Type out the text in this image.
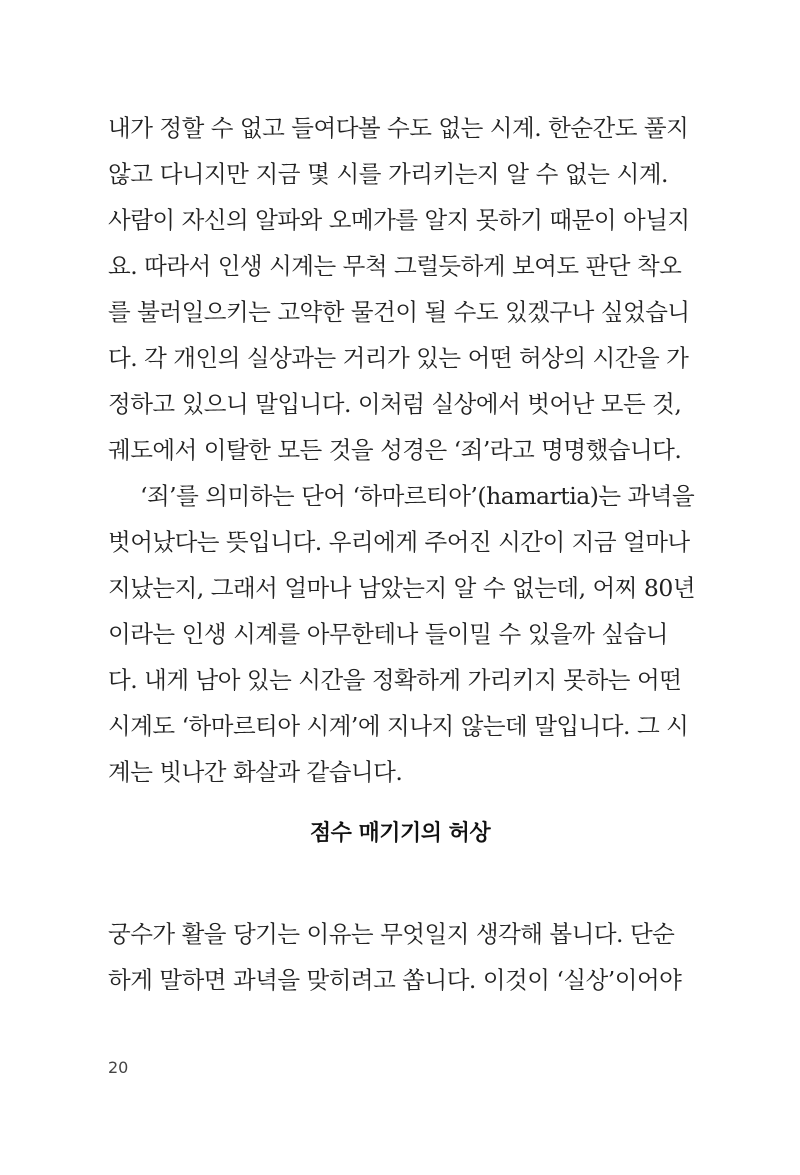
내가 정할 수 없고 들여다볼 수도 없는 시계. 한순간도 풀지
않고 다니지만 지금 몇 시를 가리키는지 알 수 없는 시계.
사람이 자신의 알파와 오메가를 알지 못하기 때문이 아닐지
요. 따라서 인생 시계는 무척 그럴듯하게 보여도 판단 착오
를 불러일으키는 고약한 물건이 될 수도 있겠구나 싶었습니
다. 각 개인의 실상과는 거리가 있는 어떤 허상의 시간을 가
정하고 있으니 말입니다. 이처럼 실상에서 벗어난 모든 것,
궤도에서 이탈한 모든 것을 성경은 ‘죄’라고 명명했습니다.
‘죄’를 의미하는 단어 ‘하마르티아’(hamartia)는 과녁을
벗어났다는 뜻입니다. 우리에게 주어진 시간이 지금 얼마나
지났는지, 그래서 얼마나 남았는지 알 수 없는데, 어찌 80년
이라는 인생 시계를 아무한테나 들이밀 수 있을까 싶습니
다. 내게 남아 있는 시간을 정확하게 가리키지 못하는 어떤
시계도 ‘하마르티아 시계’에 지나지 않는데 말입니다. 그 시
계는 빗나간 화살과 같습니다.
점수 매기기의 허상
궁수가 활을 당기는 이유는 무엇일지 생각해 봅니다. 단순
하게 말하면 과녁을 맞히려고 쏩니다. 이것이 ‘실상’이어야
20
